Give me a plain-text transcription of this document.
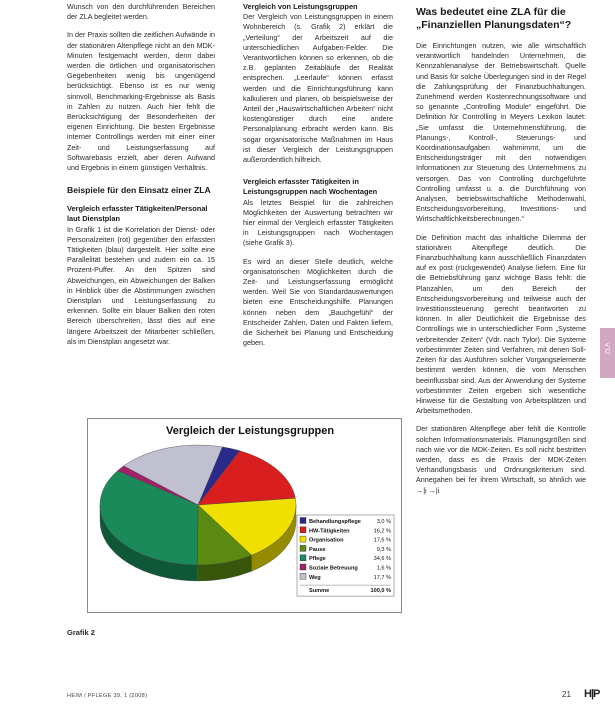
Wunsch von den durchführenden Bereichen der ZLA begleitet werden.

In der Praxis sollten die zeitlichen Aufwände in der stationären Altenpflege nicht an den MDK-Minuten festgemacht werden, denn dabei werden die örtlichen und organisatorischen Gegebenheiten wenig bis ungenügend berücksichtigt. Ebenso ist es nur wenig sinnvoll, Benchmarking-Ergebnisse als Basis in Zahlen zu nutzen. Auch hier fehlt die Berücksichtigung der Besonderheiten der eigenen Einrichtung. Die besten Ergebnisse interner Controllings werden mit einer einer Zeit- und Leistungserfassung auf Softwarebasis erzielt, aber deren Aufwand und Ergebnis in einem günstigen Verhältnis.

Beispiele für den Einsatz einer ZLA
Vergleich erfasster Tätigkeiten/Personal laut Dienstplan

In Grafik 1 ist die Korrelation der Dienst- oder Personalzeiten (rot) gegenüber den erfassten Tätigkeiten (blau) dargestellt. Hier sollte eine Parallelität bestehen und zudem ein ca. 15 Prozent-Puffer. An den Spitzen sind Abweichungen, ein Abweichungen der Balken in Hinblick über die Abstimmungen zwischen Dienstplan und Leistungserfassung zu erkennen. Sollte ein blauer Balken den roten Bereich überschreiten, lässt dies auf eine längere Arbeitszeit der Mitarbeiter schließen, als im Dienstplan angesetzt war.

Vergleich von Leistungsgruppen

Der Vergleich von Leistungsgruppen in einem Wohnbereich (s. Grafik 2) erklärt die „Verteilung“ der Arbeitszeit auf die unterschiedlichen Aufgaben-Felder. Die Verantwortlichen können so erkennen, ob die z.B. geplanten Zeitabläufe der Realität entsprechen. „Leerlaufe“ können erfasst werden und die Einrichtungsführung kann kalkulieren und planen, ob beispielsweise der Anteil der „Hauswirtschaftlichen Arbeiten“ nicht kostengünstiger durch eine andere Personalplanung erbracht werden kann. Bis sogar organisatorische Maßnahmen im Haus ist dieser Vergleich der Leistungsgruppen außerordentlich hilfreich.

Vergleich erfasster Tätigkeiten in Leistungsgruppen nach Wochentagen

Als letztes Beispiel für die zahlreichen Möglichkeiten der Auswertung betrachten wir hier einmal der Vergleich erfasster Tätigkeiten in Leistungsgruppen nach Wochentagen (siehe Grafik 3).

Es wird an dieser Stelle deutlich, welche organisatorischen Möglichkeiten durch die Zeit- und Leistungserfassung ermöglicht werden. Weil Sie von Standardauswertungen bieten eine Entscheidungshilfe. Planungen können neben dem „Bauchgefühl“ der Entscheider Zahlen, Daten und Fakten liefern, die Sicherheit bei Planung und Entscheidung geben.

Was bedeutet eine ZLA für die „Finanziellen Planungsdaten“?

Die Einrichtungen nutzen, wie alle wirtschaftlich verantwortlich handelnden Unternehmen, die Kennzahlenanalyse der Betriebswirtschaft. Quelle und Basis für solche Überlegungen sind in der Regel die Zahlungsprüfung der Finanzbuchhaltungen. Zunehmend werden Kostenrechnungssoftware und so genannte „Controlling Module“ eingeführt. Die Definition für Controlling in Meyers Lexikon lautet: „Sie umfasst die Unternehmensführung, die Planungs-, Kontroll-, Steuerungs- und Koordinationsaufgaben wahrnimmt, um die Entscheidungsträger mit den notwendigen Informationen zur Steuerung des Unternehmens zu versorgen. Das von Controlling durchgeführte Controlling umfasst u. a. die Durchführung von Analysen, betriebswirtschaftliche Methodenwahl, Entscheidungsvorbereitung, Investitions- und Wirtschaftlichkeitsberechnungen.“

Die Definition macht das inhaltliche Dilemma der stationären Altenpflege deutlich. Die Finanzbuchhaltung kann ausschließlich Finanzdaten auf ex post (rückgewendet) Analyse liefern. Eine für die Betriebsführung ganz wichtige Basis fehlt: die Planzahlen, um den Bereich der Entscheidungsvorbereitung und teilweise auch der Investitionssteuerung gerecht beantworten zu können. In aller Deutlichkeit die Ergebnisse des Controllings wie in unterschiedlicher Form „Systeme verbreitender Zeiten“ (Vdr. nach Tylor). Die Systeme vorbestimmter Zeiten sind Verfahren, mit denen Soll-Zeiten für das Ausführen solcher Vorgangselemente bestimmt werden können, die vom Menschen beeinflussbar sind. Aus der Anwendung der Systeme vorbestimmter Zeiten ergeben sich wesentliche Hinweise für die Gestaltung von Arbeitsplätzen und Arbeitsmethoden.

Der stationären Altenpflege aber fehlt die Kontrolle solchen Informationsmaterials. Planungsgrößen sind nach wie vor die MDK-Zeiten. Es soll nicht bestritten werden, dass es die Praxis der MDK-Zeiten Verhandlungsbasis und Ordnungskriterium sind. Annegahen bei fer ihrem Wirtschaft, so ähnlich wie →|i →|i

Vergleich der Leistungsgruppen
Behandlungspflege	3,0 %
HW-Tätigkeiten	16,2 %
Organisation	17,6 %
Pause	9,3 %
Pflege	34,6 %
Soziale Betreuung	1,6 %
Weg	17,7 %
Summe	100,0 %
Grafik 2
ZLA
HEIM / PFLEGE 39, 1 (2008)	21 H|P
